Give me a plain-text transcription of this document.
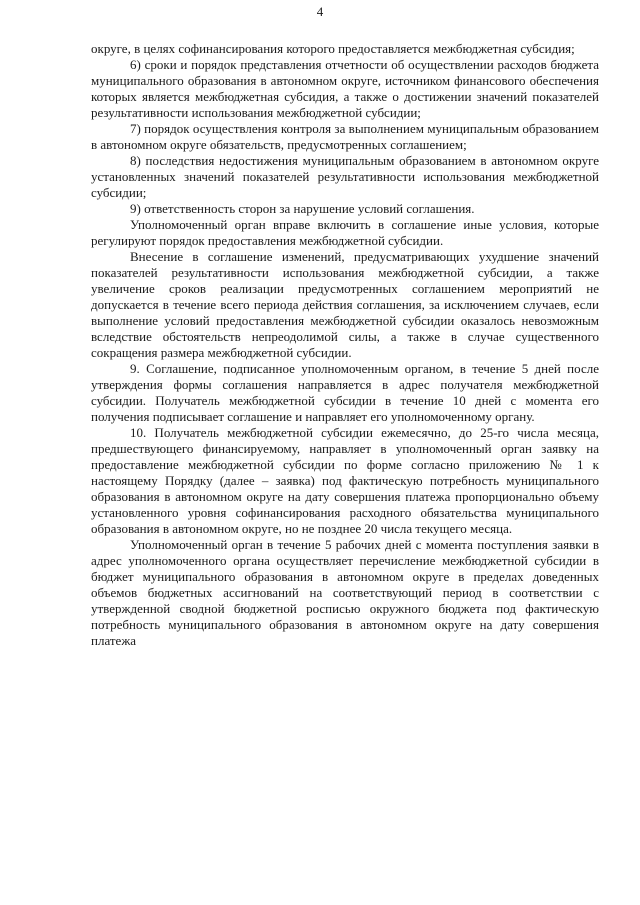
4

округе, в целях софинансирования которого предоставляется межбюджетная субсидия;

6) сроки и порядок представления отчетности об осуществлении расходов бюджета муниципального образования в автономном округе, источником финансового обеспечения которых является межбюджетная субсидия, а также о достижении значений показателей результативности использования межбюджетной субсидии;

7) порядок осуществления контроля за выполнением муниципальным образованием в автономном округе обязательств, предусмотренных соглашением;

8) последствия недостижения муниципальным образованием в автономном округе установленных значений показателей результативности использования межбюджетной субсидии;

9) ответственность сторон за нарушение условий соглашения.

Уполномоченный орган вправе включить в соглашение иные условия, которые регулируют порядок предоставления межбюджетной субсидии.

Внесение в соглашение изменений, предусматривающих ухудшение значений показателей результативности использования межбюджетной субсидии, а также увеличение сроков реализации предусмотренных соглашением мероприятий не допускается в течение всего периода действия соглашения, за исключением случаев, если выполнение условий предоставления межбюджетной субсидии оказалось невозможным вследствие обстоятельств непреодолимой силы, а также в случае существенного сокращения размера межбюджетной субсидии.

9. Соглашение, подписанное уполномоченным органом, в течение 5 дней после утверждения формы соглашения направляется в адрес получателя межбюджетной субсидии. Получатель межбюджетной субсидии в течение 10 дней с момента его получения подписывает соглашение и направляет его уполномоченному органу.

10. Получатель межбюджетной субсидии ежемесячно, до 25-го числа месяца, предшествующего финансируемому, направляет в уполномоченный орган заявку на предоставление межбюджетной субсидии по форме согласно приложению № 1 к настоящему Порядку (далее – заявка) под фактическую потребность муниципального образования в автономном округе на дату совершения платежа пропорционально объему установленного уровня софинансирования расходного обязательства муниципального образования в автономном округе, но не позднее 20 числа текущего месяца.

Уполномоченный орган в течение 5 рабочих дней с момента поступления заявки в адрес уполномоченного органа осуществляет перечисление межбюджетной субсидии в бюджет муниципального образования в автономном округе в пределах доведенных объемов бюджетных ассигнований на соответствующий период в соответствии с утвержденной сводной бюджетной росписью окружного бюджета под фактическую потребность муниципального образования в автономном округе на дату совершения платежа
